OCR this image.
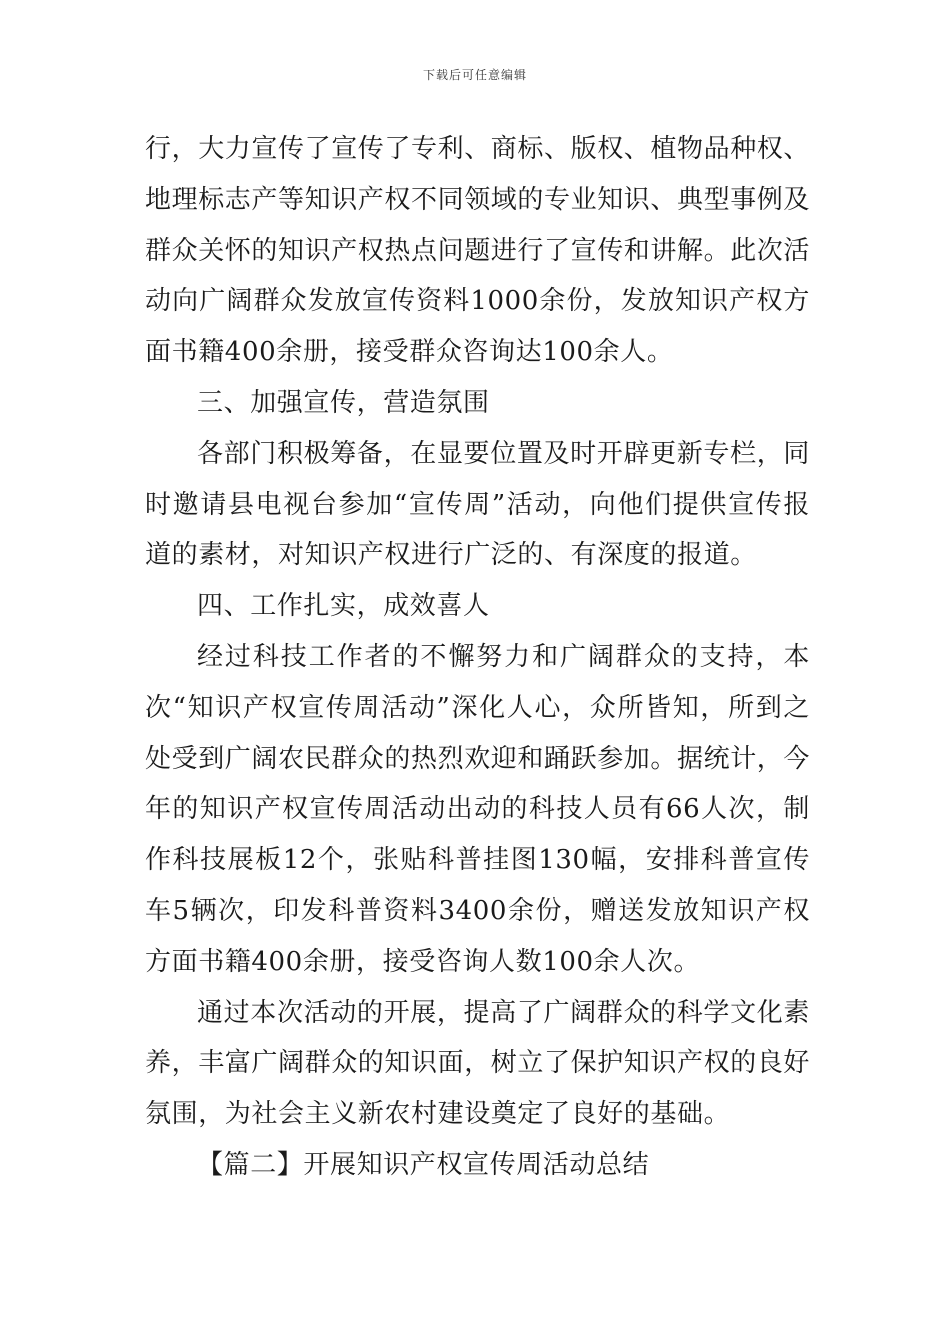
下载后可任意编辑

行，大力宣传了宣传了专利、商标、版权、植物品种权、地理标志产等知识产权不同领域的专业知识、典型事例及群众关怀的知识产权热点问题进行了宣传和讲解。此次活动向广阔群众发放宣传资料1000余份，发放知识产权方面书籍400余册，接受群众咨询达100余人。

三、加强宣传，营造氛围

各部门积极筹备，在显要位置及时开辟更新专栏，同时邀请县电视台参加“宣传周”活动，向他们提供宣传报道的素材，对知识产权进行广泛的、有深度的报道。

四、工作扎实，成效喜人

经过科技工作者的不懈努力和广阔群众的支持，本次“知识产权宣传周活动”深化人心，众所皆知，所到之处受到广阔农民群众的热烈欢迎和踊跃参加。据统计，今年的知识产权宣传周活动出动的科技人员有66人次，制作科技展板12个，张贴科普挂图130幅，安排科普宣传车5辆次，印发科普资料3400余份，赠送发放知识产权方面书籍400余册，接受咨询人数100余人次。

通过本次活动的开展，提高了广阔群众的科学文化素养，丰富广阔群众的知识面，树立了保护知识产权的良好氛围，为社会主义新农村建设奠定了良好的基础。

【篇二】开展知识产权宣传周活动总结
